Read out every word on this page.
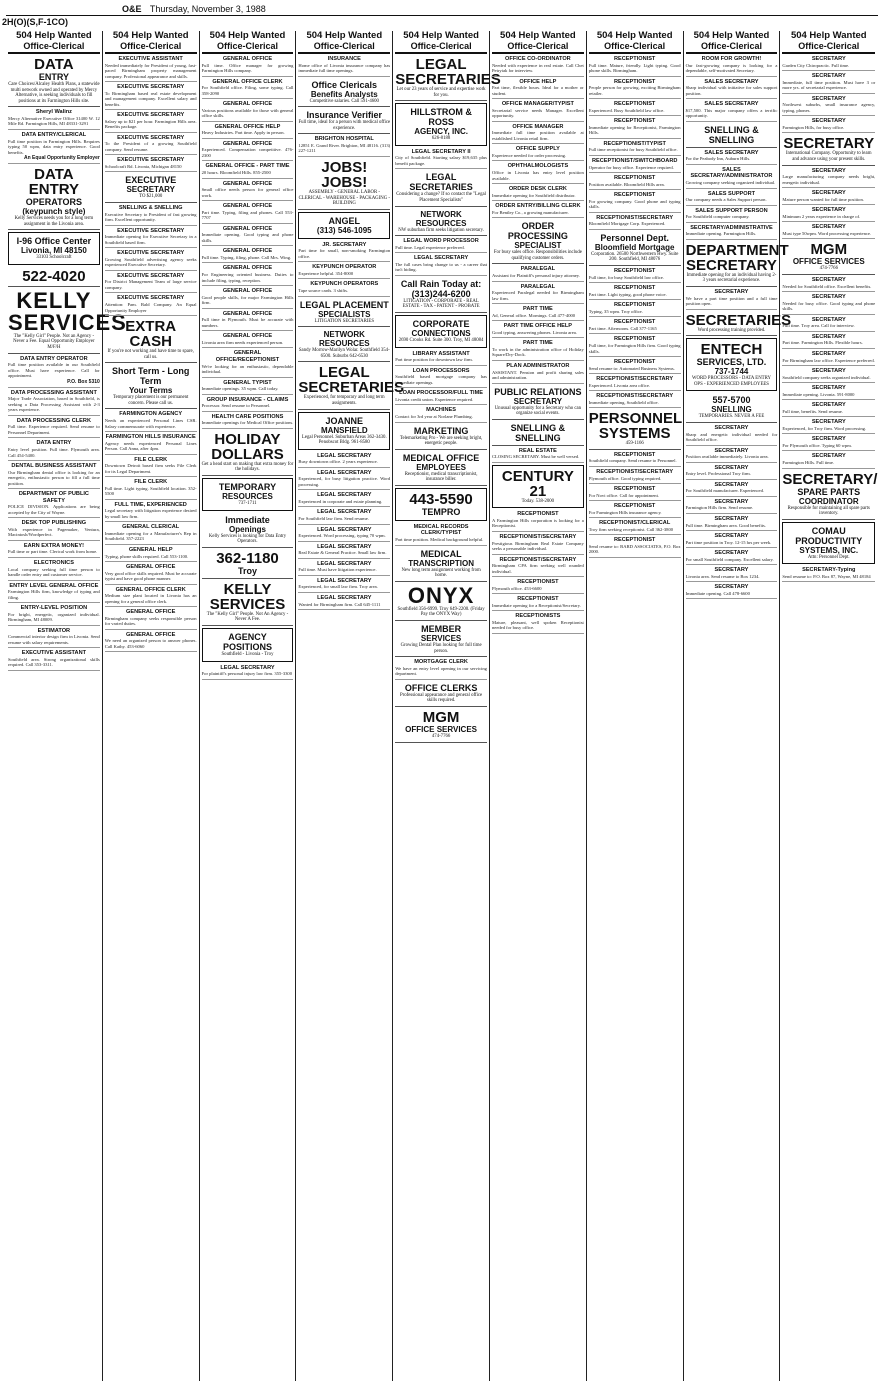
2H(O)(S,F-1CO)
O&E Thursday, November 3, 1988
504 Help Wanted
Office-Clerical
DATA
ENTRY
Care Choices/Alcaley Health Plans, a statewide multi network owned and operated by Mercy Alternative, is seeking individuals to fill positions at its Farmington Hills site.
Sheryl Walinz
Mercy Alternative Executive Office 31400 W. 12 Mile Rd. Farmington Hills, MI 48331-3291
DATA ENTRY/CLERICAL
Full time position in Farmington Hills. Requires typing 50 wpm, data entry experience. Good benefits.
An Equal Opportunity Employer
DATA ENTRY
OPERATORS
(keypunch style)
Kelly Services needs you for a long term assignment in the Livonia area.
I-96 Office Center
Livonia, MI 48150
33103 Schoolcraft
522-4020
KELLY
SERVICES
The "Kelly Girl" People. Not an Agency - Never a Fee. Equal Opportunity Employer M/F/H
DATA ENTRY OPERATOR
Full time position available in our Southfield office. Must have experience. Call for appointment.
P.O. Box 5310
DATA PROCESSING ASSISTANT
Major Trade Association, based in Southfield, is seeking a Data Processing Assistant with 2-3 years experience.
DATA PROCESSING CLERK
Full time. Experience required. Send resume to Personnel Department.
DATA ENTRY
Entry level position. Full time. Plymouth area. Call 454-5400.
DENTAL BUSINESS ASSISTANT
Our Birmingham dental office is looking for an energetic, enthusiastic person to fill a full time position.
DEPARTMENT OF PUBLIC SAFETY
POLICE DIVISION. Applications are being accepted by the City of Wayne.
DESK TOP PUBLISHING
With experience in Pagemaker, Ventura, Macintosh/Wordperfect.
EARN EXTRA MONEY!
Full time or part time. Clerical work from home.
ELECTRONICS
Local company seeking full time person to handle order entry and customer service.
ENTRY LEVEL GENERAL OFFICE
Farmington Hills firm, knowledge of typing and filing.
ENTRY-LEVEL POSITION
For bright, energetic, organized individual. Birmingham, MI 48009.
ESTIMATOR
Commercial interior design firm in Livonia. Send resume with salary requirements.
EXECUTIVE ASSISTANT
Southfield area. Strong organizational skills required. Call 353-3311.
504 Help Wanted
Office-Clerical
EXECUTIVE ASSISTANT
Needed immediately for President of young, fast-paced Birmingham property management company. Professional appearance and skills.
EXECUTIVE SECRETARY
To Birmingham based real estate development and management company. Excellent salary and benefits.
EXECUTIVE SECRETARY
Salary up to $21 per hour. Farmington Hills area. Benefits package.
EXECUTIVE SECRETARY
To the President of a growing Southfield company. Send resume.
EXECUTIVE SECRETARY
Schoolcraft Rd. Livonia, Michigan 48150
EXECUTIVE
SECRETARY
TO $21,000
SNELLING & SNELLING
Executive Secretary to President of fast growing firm. Excellent opportunity.
EXECUTIVE SECRETARY
Immediate opening for Executive Secretary in a Southfield based firm.
EXECUTIVE SECRETARY
Growing Southfield advertising agency seeks experienced Executive Secretary.
EXECUTIVE SECRETARY
For District Management Team of large service company.
EXECUTIVE SECRETARY
Attention: Pam. Bald Company. An Equal Opportunity Employer
EXTRA CASH
If you're not working and have time to spare, call us.
Short Term - Long Term
Your Terms
Temporary placement is our permanent concern. Please call us.
FARMINGTON AGENCY
Needs an experienced Personal Lines CSR. Salary commensurate with experience.
FARMINGTON HILLS INSURANCE
Agency needs experienced Personal Lines Person. Call Anna, after 4pm.
FILE CLERK
Downtown Detroit based firm seeks File Clerk for its Legal Department.
FILE CLERK
Full time. Light typing. Southfield location. 352-5500
FULL TIME, EXPERIENCED
Legal secretary with litigation experience desired by small law firm.
GENERAL CLERICAL
Immediate opening for a Manufacturer's Rep in Southfield. 357-2223
GENERAL HELP
Typing, phone skills required. Call 553-1100.
GENERAL OFFICE
Very good office skills required. Must be accurate typist and have good phone manner.
GENERAL OFFICE CLERK
Medium size plant located in Livonia has an opening for a general office clerk.
GENERAL OFFICE
Birmingham company seeks responsible person for varied duties.
GENERAL OFFICE
We need an organized person to answer phones. Call Kathy. 453-6060
504 Help Wanted
Office-Clerical
GENERAL OFFICE
Full time. Office manager for growing Farmington Hills company.
GENERAL OFFICE CLERK
For Southfield office. Filing, some typing. Call 358-2090
GENERAL OFFICE
Various positions available for those with general office skills.
GENERAL OFFICE HELP
Heavy Industries. Part time. Apply in person.
GENERAL OFFICE
Experienced. Compensation competitive. 476-2300
GENERAL OFFICE - PART TIME
20 hours. Bloomfield Hills. 855-2500
GENERAL OFFICE
Small office needs person for general office work.
GENERAL OFFICE
Part time. Typing, filing and phones. Call 553-7707
GENERAL OFFICE
Immediate opening. Good typing and phone skills.
GENERAL OFFICE
Full time. Typing, filing, phone. Call Mrs. Wing.
GENERAL OFFICE
For Engineering oriented business. Duties to include filing, typing, reception.
GENERAL OFFICE
Good people skills, for major Farmington Hills firm.
GENERAL OFFICE
Full time in Plymouth. Must be accurate with numbers.
GENERAL OFFICE
Livonia area firm needs experienced person.
GENERAL OFFICE/RECEPTIONIST
We're looking for an enthusiastic, dependable individual.
GENERAL TYPIST
Immediate openings. 35 wpm. Call today.
GROUP INSURANCE - CLAIMS
Processor. Send resume to Personnel.
HEALTH CARE POSITIONS
Immediate openings for Medical Office positions.
HOLIDAY DOLLARS
Get a head start on making that extra money for the holidays.
TEMPORARY
RESOURCES
737-1711
Immediate
Openings
Kelly Services is looking for Data Entry Operators.
362-1180
Troy
KELLY
SERVICES
The "Kelly Girl" People. Not An Agency - Never A Fee.
AGENCY POSITIONS
Southfield - Livonia - Troy
LEGAL SECRETARY
For plaintiff's personal injury law firm. 355-3300
504 Help Wanted
Office-Clerical
INSURANCE
Home office of Livonia insurance company has immediate full time openings.
Office Clericals
Benefits Analysts
Competitive salaries. Call 591-4600
Insurance Verifier
Full time, ideal for a person with medical office experience.
BRIGHTON HOSPITAL
12851 E. Grand River. Brighton, MI 48116. (313) 227-1211
JOBS!
JOBS!
ASSEMBLY - GENERAL LABOR - CLERICAL - WAREHOUSE - PACKAGING - BUILDING
ANGEL
(313) 546-1095
JR. SECRETARY
Part time for small, non-smoking Farmington office.
KEYPUNCH OPERATOR
Experience helpful. 354-8000
KEYPUNCH OPERATORS
Tape source cards. 3 shifts.
LEGAL PLACEMENT
SPECIALISTS
LITIGATION SECRETARIES
NETWORK RESOURCES
Sandy Morrow-Marilyn Wolar. Southfield 354-6500. Suburbs 642-6530
LEGAL
SECRETARIES
Experienced, for temporary and long term assignments.
JOANNE
MANSFIELD
Legal Personnel. Suburban Areas 362-3430. Penobscot Bldg. 961-8580
LEGAL SECRETARY
Busy downtown office. 2 years experience.
LEGAL SECRETARY
Experienced, for busy litigation practice. Word processing.
LEGAL SECRETARY
Experienced in corporate and estate planning.
LEGAL SECRETARY
For Southfield law firm. Send resume.
LEGAL SECRETARY
Experienced. Word processing, typing 70 wpm.
LEGAL SECRETARY
Real Estate & General Practice. Small law firm.
LEGAL SECRETARY
Full time. Must have litigation experience.
LEGAL SECRETARY
Experienced, for small law firm. Troy area.
LEGAL SECRETARY
Wanted for Birmingham firm. Call 645-1111
504 Help Wanted
Office-Clerical
LEGAL
SECRETARIES
Let our 23 years of service and expertise work for you.
HILLSTROM & ROSS
AGENCY, INC.
626-8188
LEGAL SECRETARY II
City of Southfield. Starting salary $19,635 plus benefit package.
LEGAL SECRETARIES
Considering a change? If so contact the "Legal Placement Specialists"
NETWORK RESOURCES
NW suburban firm seeks litigation secretary.
LEGAL WORD PROCESSOR
Full time. Legal experience preferred.
LEGAL SECRETARY
The full cases bring change to us - a career that isn't hiding.
Call Rain Today at: (313)244-6200
LITIGATION - CORPORATE - REAL ESTATE - TAX - PATENT - PROBATE
CORPORATE
CONNECTIONS
2690 Crooks Rd. Suite 300. Troy, MI 48084
LIBRARY ASSISTANT
Part time position for downtown law firm.
LOAN PROCESSORS
Southfield based mortgage company has immediate openings.
LOAN PROCESSOR/FULL TIME
Livonia credit union. Experience required.
MACHINES
Contact for 3rd year at Norlane Plumbing.
MARKETING
Telemarketing Pro - We are seeking bright, energetic people.
MEDICAL OFFICE
EMPLOYEES
Receptionist, medical transcriptionist, insurance biller.
443-5590
TEMPRO
MEDICAL RECORDS CLERK/TYPIST
Part time position. Medical background helpful.
MEDICAL
TRANSCRIPTION
New long term assignment working from home.
ONYX
Southfield 356-6999. Troy 649-2200. (Friday Pay the ONYX Way)
MEMBER
SERVICES
Growing Dental Plan looking for full time person.
MORTGAGE CLERK
We have an entry level opening in our servicing department.
OFFICE CLERKS
Professional appearance and general office skills required.
MGM
OFFICE SERVICES
474-7766
504 Help Wanted
Office-Clerical
OFFICE CO-ORDINATOR
Needed with experience in real estate. Call Chet Petryiak for interview.
OFFICE HELP
Part time, flexible hours. Ideal for a mother or student.
OFFICE MANAGER/TYPIST
Secretarial service needs Manager. Excellent opportunity.
OFFICE MANAGER
Immediate full time position available at established Livonia retail firm.
OFFICE SUPPLY
Experience needed for order processing.
OPHTHALMOLOGISTS
Office in Livonia has entry level position available.
ORDER DESK CLERK
Immediate opening for Southfield distributor.
ORDER ENTRY/BILLING CLERK
For Bentley Co., a growing manufacturer.
ORDER PROCESSING
SPECIALIST
For busy sales office. Responsibilities include qualifying customer orders.
PARALEGAL
Assistant for Plaintiff's personal injury attorney.
PARALEGAL
Experienced Paralegal needed for Birmingham law firm.
PART TIME
Ad, General office. Mornings. Call 477-4000
PART TIME OFFICE HELP
Good typing, answering phones. Livonia area.
PART TIME
To work in the administration office of Holiday Square/Dry-Dock.
PLAN ADMINISTRATOR
ASSISTANT. Pension and profit sharing sales and administration.
PUBLIC RELATIONS
SECRETARY
Unusual opportunity for a Secretary who can organize social events.
SNELLING & SNELLING
REAL ESTATE
CLOSING SECRETARY. Must be well versed.
CENTURY 21
Today. 538-2000
RECEPTIONIST
A Farmington Hills corporation is looking for a Receptionist.
RECEPTIONIST/SECRETARY
Prestigious Birmingham Real Estate Company seeks a personable individual.
RECEPTIONIST/SECRETARY
Birmingham CPA firm seeking well rounded individual.
RECEPTIONIST
Plymouth office. 453-6600
RECEPTIONIST
Immediate opening for a Receptionist/Secretary.
RECEPTIONISTS
Mature, pleasant, well spoken Receptionist needed for busy office.
504 Help Wanted
Office-Clerical
RECEPTIONIST
Full time. Mature, friendly. Light typing. Good phone skills. Birmingham.
RECEPTIONIST
People person for growing, exciting Birmingham retailer.
RECEPTIONIST
Experienced. Busy Southfield law office.
RECEPTIONIST
Immediate opening for Receptionist, Farmington Hills.
RECEPTIONIST/TYPIST
Full time receptionist for busy Southfield office.
RECEPTIONIST/SWITCHBOARD
Operator for busy office. Experience required.
RECEPTIONIST
Position available. Bloomfield Hills area.
RECEPTIONIST
For growing company. Good phone and typing skills.
RECEPTIONIST/SECRETARY
Bloomfield Mortgage Corp. Experienced.
Personnel Dept.
Bloomfield Mortgage
Corporation. 26500 Northwestern Hwy. Suite 200. Southfield, MI 48076
RECEPTIONIST
Full time, for busy Southfield law office.
RECEPTIONIST
Part time. Light typing, good phone voice.
RECEPTIONIST
Typing, 35 wpm. Troy office.
RECEPTIONIST
Part time. Afternoons. Call 377-1165
RECEPTIONIST
Full time, for Farmington Hills firm. Good typing skills.
RECEPTIONIST
Send resume to: Automated Business Systems.
RECEPTIONIST/SECRETARY
Experienced. Livonia area office.
RECEPTIONIST/SECRETARY
Immediate opening, Southfield office.
PERSONNEL SYSTEMS
459-1166
RECEPTIONIST
Southfield company. Send resume to Personnel.
RECEPTIONIST/SECRETARY
Plymouth office. Good typing required.
RECEPTIONIST
For Novi office. Call for appointment.
RECEPTIONIST
For Farmington Hills insurance agency.
RECEPTIONIST/CLERICAL
Troy firm seeking receptionist. Call 362-3800
RECEPTIONIST
Send resume to: BARD ASSOCIATES, P.O. Box 2000.
504 Help Wanted
Office-Clerical
ROOM FOR GROWTH!
Our fast-growing company is looking for a dependable, self-motivated Secretary.
SALES SECRETARY
Sharp individual with initiative for sales support position.
SALES SECRETARY
$17,500. This major company offers a terrific opportunity.
SNELLING & SNELLING
SALES SECRETARY
For the Peabody Inn, Auburn Hills.
SALES SECRETARY/ADMINISTRATOR
Growing company seeking organized individual.
SALES SUPPORT
Our company needs a Sales Support person.
SALES SUPPORT PERSON
For Southfield computer company.
SECRETARY/ADMINISTRATIVE
Immediate opening. Farmington Hills.
DEPARTMENT
SECRETARY
Immediate opening for an individual having 2-3 years secretarial experience.
SECRETARY
We have a part time position and a full time position open.
SECRETARIES
Word processing training provided.
ENTECH
SERVICES, LTD.
737-1744
WORD PROCESSORS - DATA ENTRY OPS - EXPERIENCED EMPLOYEES
557-5700
SNELLING
TEMPORARIES. NEVER A FEE
SECRETARY
Sharp and energetic individual needed for Southfield office.
SECRETARY
Position available immediately. Livonia area.
SECRETARY
Entry level. Professional Troy firm.
SECRETARY
For Southfield manufacturer. Experienced.
SECRETARY
Farmington Hills firm. Send resume.
SECRETARY
Full time. Birmingham area. Good benefits.
SECRETARY
Part time position in Troy. 12-15 hrs per week.
SECRETARY
For small Southfield company. Excellent salary.
SECRETARY
Livonia area. Send resume to Box 1234.
SECRETARY
Immediate opening. Call 478-6600
504 Help Wanted
Office-Clerical
SECRETARY
Garden City Chiropractic. Full time.
SECRETARY
Immediate, full time position. Must have 3 or more yrs. of secretarial experience.
SECRETARY
Northwest suburbs, small insurance agency, typing, phones.
SECRETARY
Farmington Hills, for busy office.
SECRETARY
International Company. Opportunity to learn and advance using your present skills.
SECRETARY
Large manufacturing company needs bright, energetic individual.
SECRETARY
Mature person wanted for full time position.
SECRETARY
Minimum 2 years experience in charge of.
SECRETARY
Must type 50wpm. Word processing experience.
MGM
OFFICE SERVICES
474-7766
SECRETARY
Needed for Southfield office. Excellent benefits.
SECRETARY
Needed for busy office. Good typing and phone skills.
SECRETARY
Full time. Troy area. Call for interview.
SECRETARY
Part time. Farmington Hills. Flexible hours.
SECRETARY
For Birmingham law office. Experience preferred.
SECRETARY
Southfield company seeks organized individual.
SECRETARY
Immediate opening. Livonia. 591-8000
SECRETARY
Full time, benefits. Send resume.
SECRETARY
Experienced, for Troy firm. Word processing.
SECRETARY
For Plymouth office. Typing 60 wpm.
SECRETARY
Farmington Hills. Full time.
SECRETARY/
SPARE PARTS
COORDINATOR
Responsible for maintaining all spare parts inventory.
COMAU PRODUCTIVITY
SYSTEMS, INC.
Attn: Personnel Dept.
SECRETARY-Typing
Send resume to: P.O. Box 87, Wayne, MI 48184
